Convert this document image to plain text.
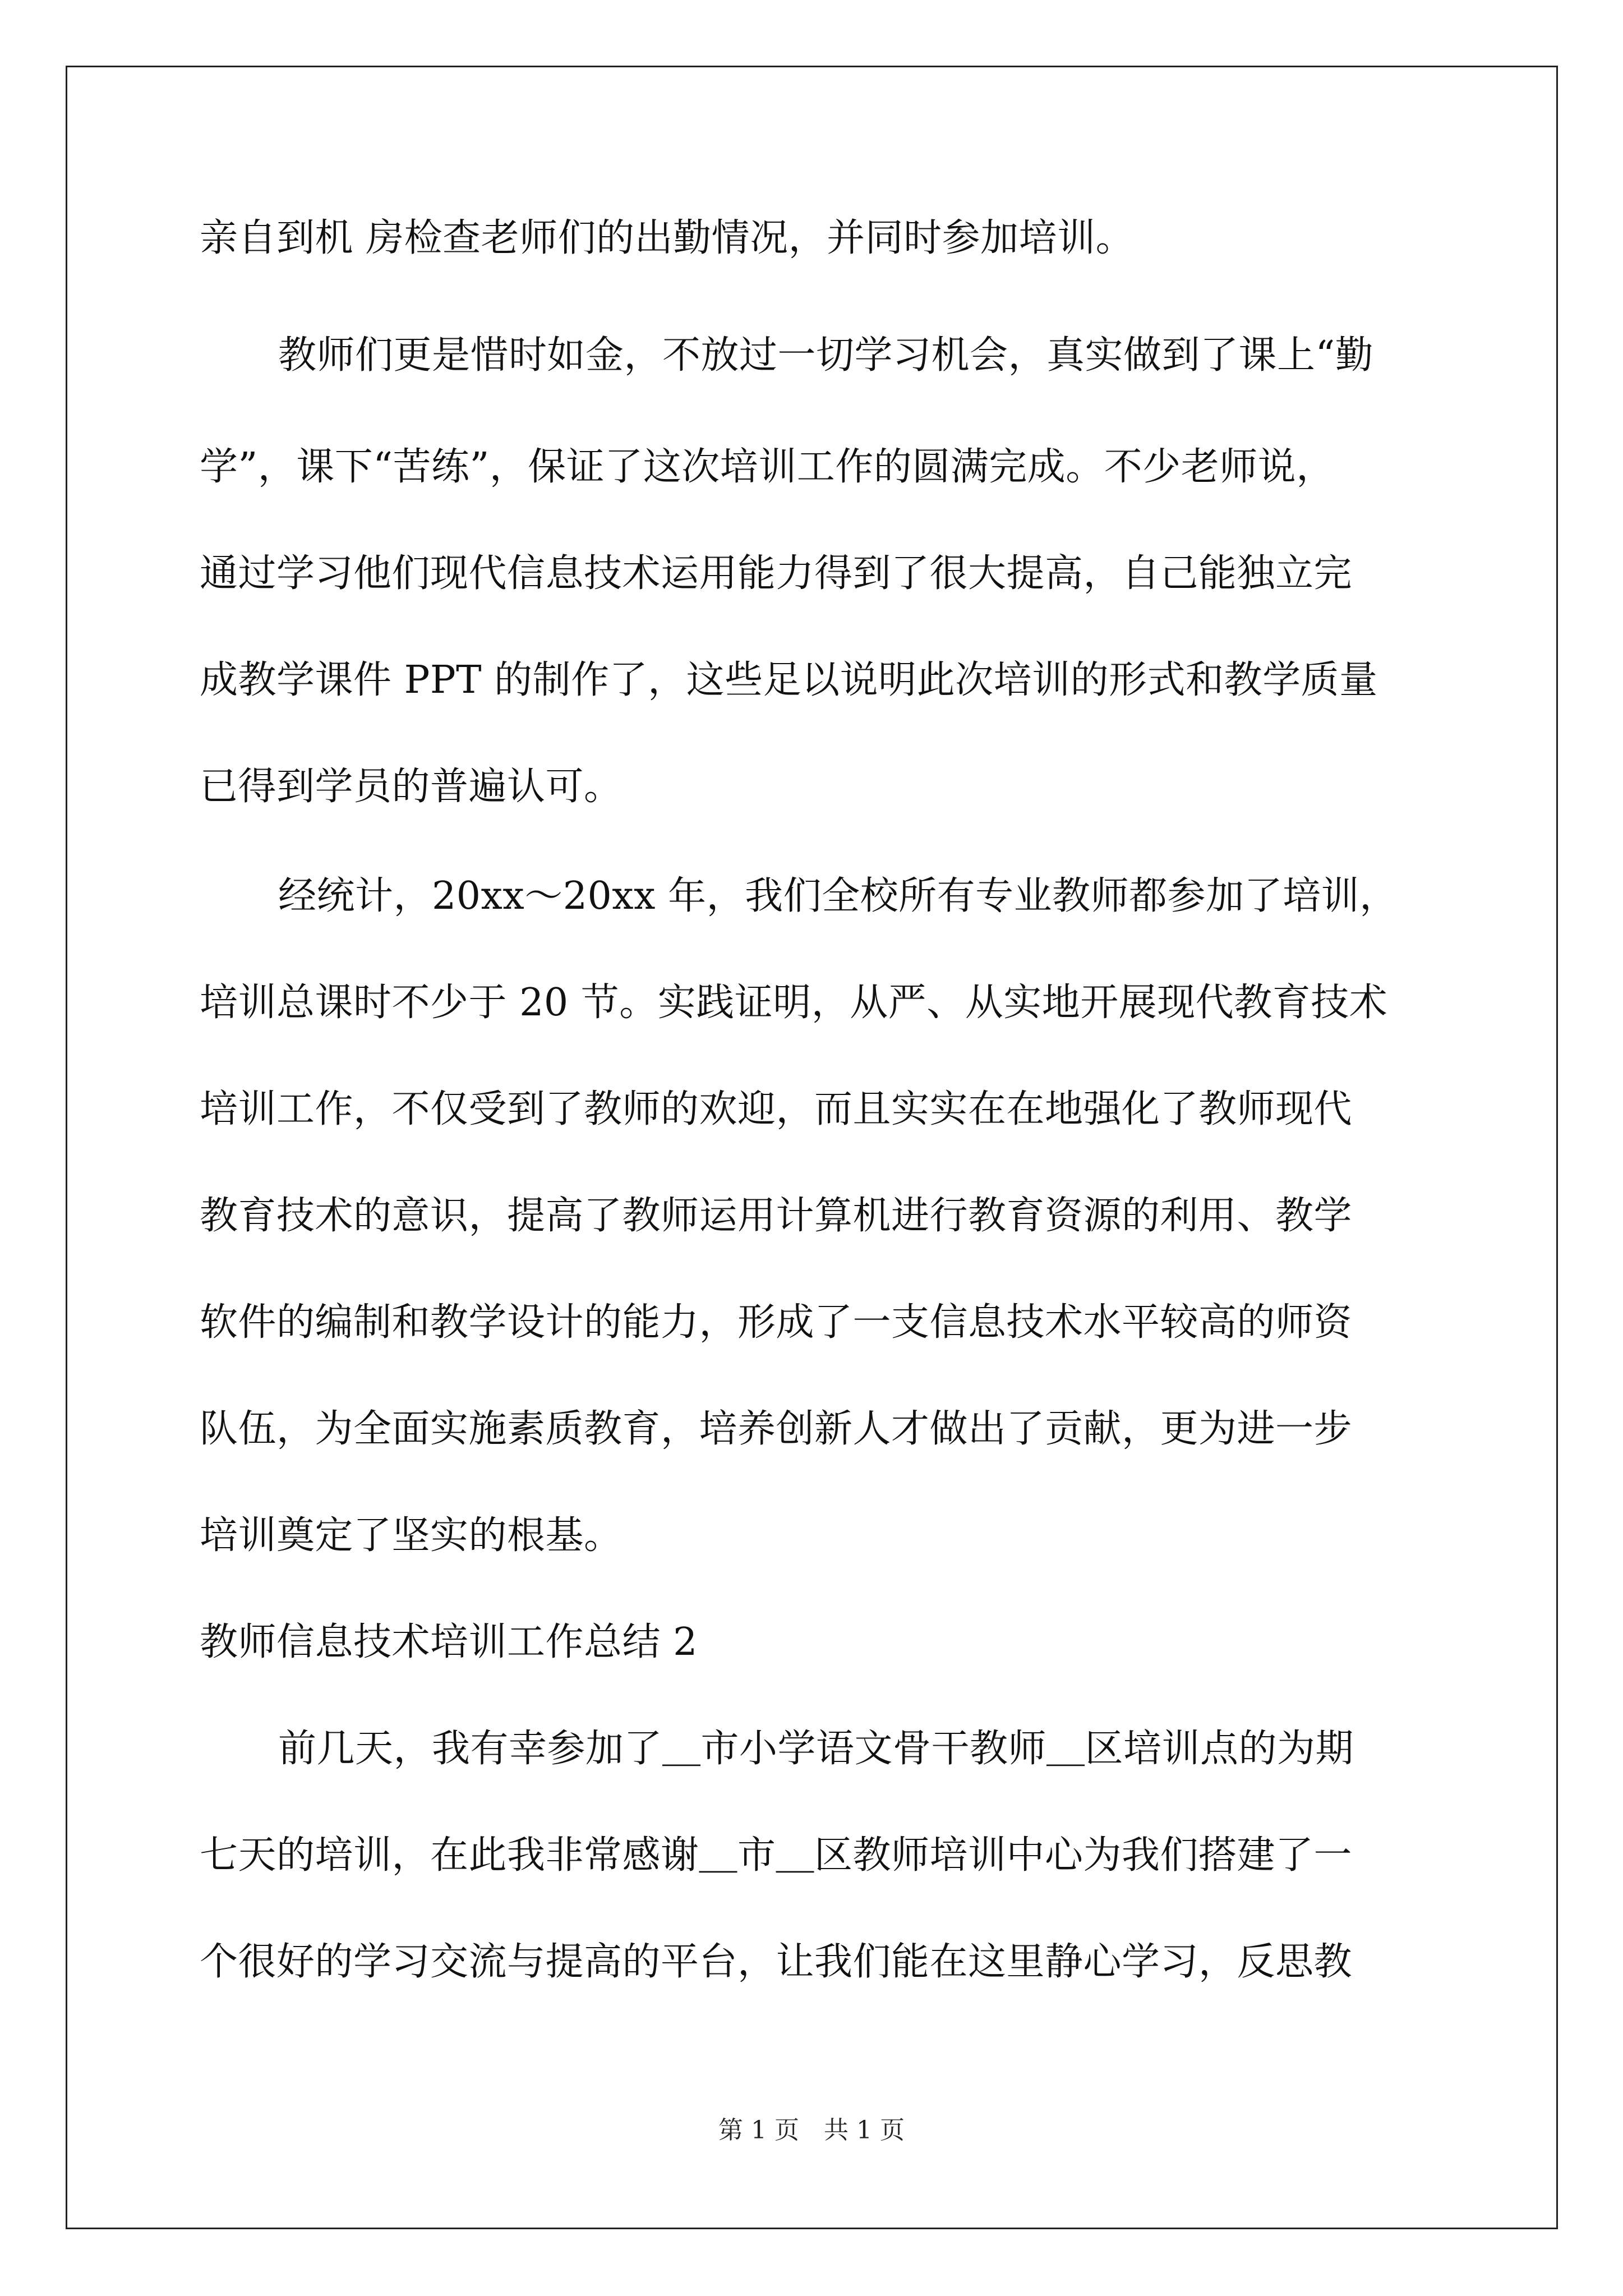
亲自到机 房检查老师们的出勤情况，并同时参加培训。
教师们更是惜时如金，不放过一切学习机会，真实做到了课上“勤
学”，课下“苦练”，保证了这次培训工作的圆满完成。不少老师说，
通过学习他们现代信息技术运用能力得到了很大提高，自己能独立完
成教学课件 PPT 的制作了，这些足以说明此次培训的形式和教学质量
已得到学员的普遍认可。
经统计，20xx～20xx 年，我们全校所有专业教师都参加了培训，
培训总课时不少于 20 节。实践证明，从严、从实地开展现代教育技术
培训工作，不仅受到了教师的欢迎，而且实实在在地强化了教师现代
教育技术的意识，提高了教师运用计算机进行教育资源的利用、教学
软件的编制和教学设计的能力，形成了一支信息技术水平较高的师资
队伍，为全面实施素质教育，培养创新人才做出了贡献，更为进一步
培训奠定了坚实的根基。
教师信息技术培训工作总结 2
前几天，我有幸参加了＿市小学语文骨干教师＿区培训点的为期
七天的培训，在此我非常感谢＿市＿区教师培训中心为我们搭建了一
个很好的学习交流与提高的平台，让我们能在这里静心学习，反思教
第 1 页　共 1 页
